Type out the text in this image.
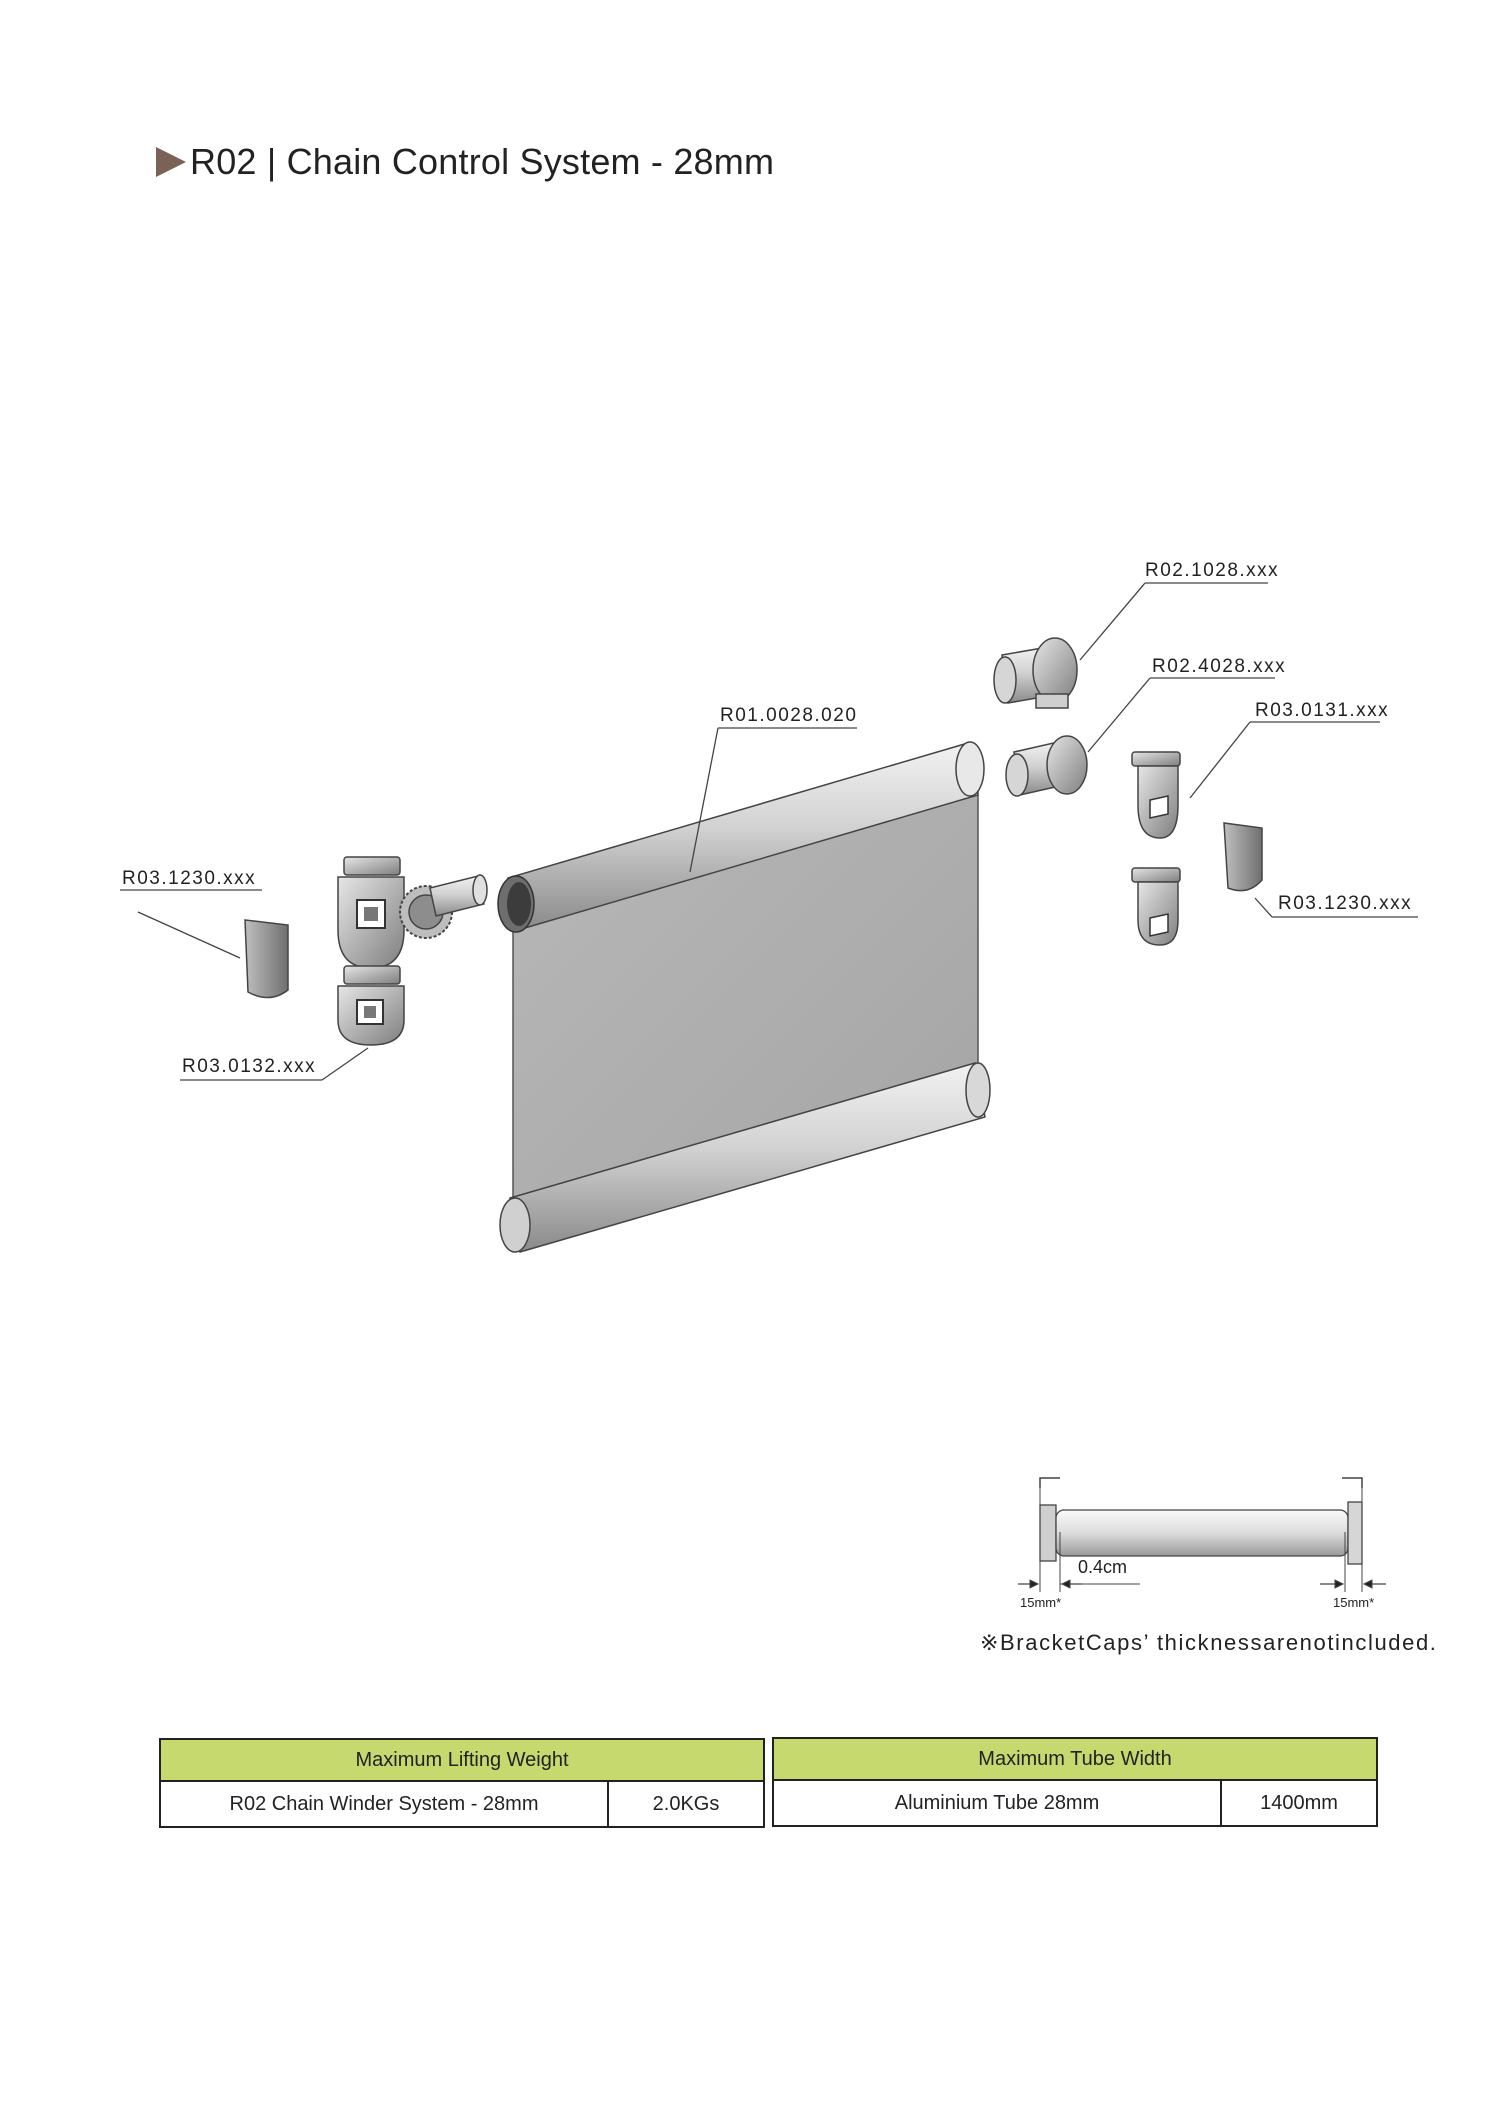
R02 | Chain Control System - 28mm
R02.1028.xxx
R02.4028.xxx
R03.0131.xxx
R01.0028.020
R03.1230.xxx
R03.1230.xxx
R03.0132.xxx
0.4cm
15mm*	15mm*
※BracketCaps’ thicknessarenotincluded.
Maximum Lifting Weight
R02 Chain Winder System - 28mm	2.0KGs
Maximum Tube Width
Aluminium Tube 28mm	1400mm
